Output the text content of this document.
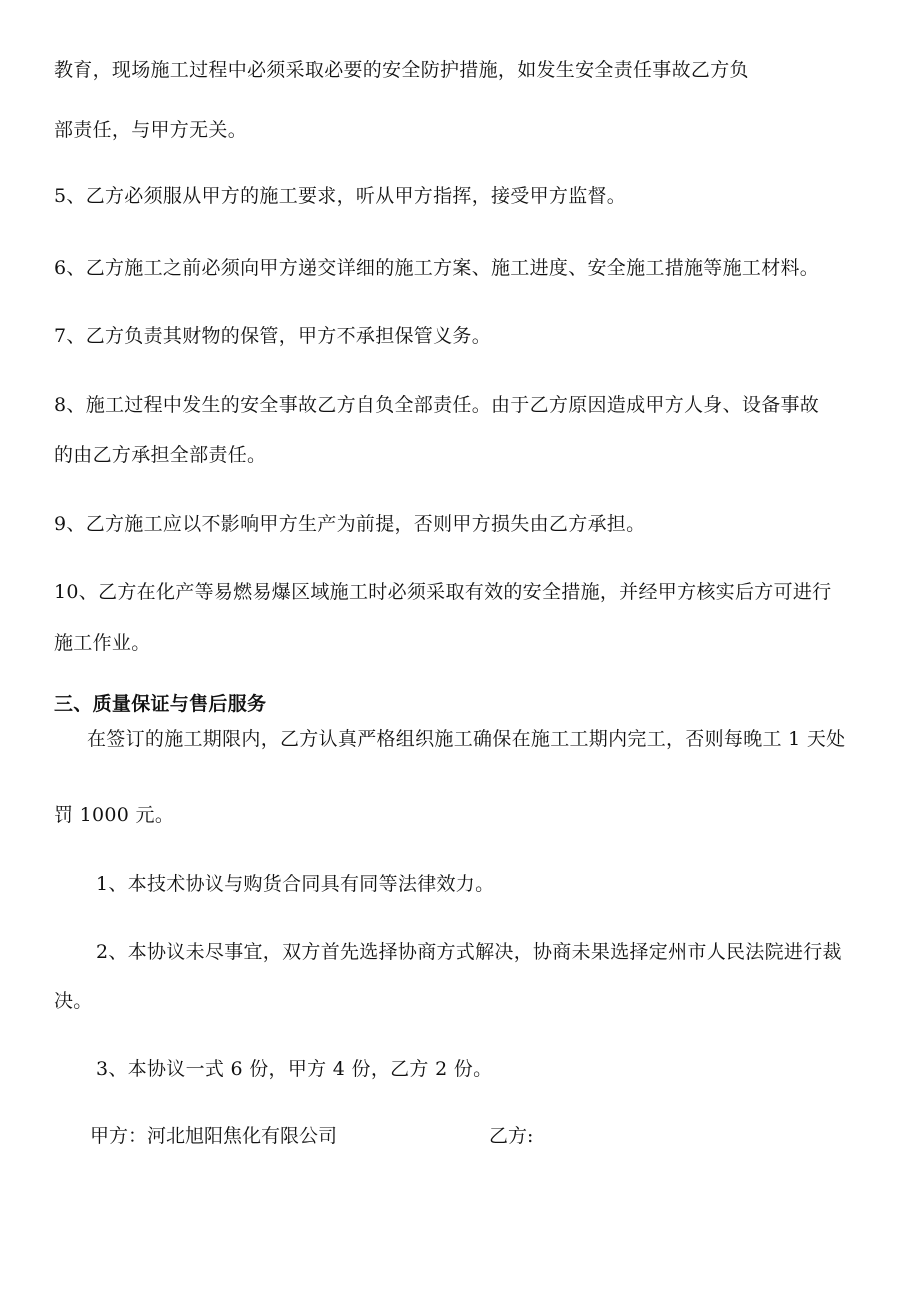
教育，现场施工过程中必须采取必要的安全防护措施，如发生安全责任事故乙方负
部责任，与甲方无关。
5、乙方必须服从甲方的施工要求，听从甲方指挥，接受甲方监督。
6、乙方施工之前必须向甲方递交详细的施工方案、施工进度、安全施工措施等施工材料。
7、乙方负责其财物的保管，甲方不承担保管义务。
8、施工过程中发生的安全事故乙方自负全部责任。由于乙方原因造成甲方人身、设备事故
的由乙方承担全部责任。
9、乙方施工应以不影响甲方生产为前提，否则甲方损失由乙方承担。
10、乙方在化产等易燃易爆区域施工时必须采取有效的安全措施，并经甲方核实后方可进行
施工作业。
三、质量保证与售后服务
在签订的施工期限内，乙方认真严格组织施工确保在施工工期内完工，否则每晚工 1 天处
罚 1000 元。
1、本技术协议与购货合同具有同等法律效力。
2、本协议未尽事宜，双方首先选择协商方式解决，协商未果选择定州市人民法院进行裁
决。
3、本协议一式 6 份，甲方 4 份，乙方 2 份。
甲方：河北旭阳焦化有限公司	乙方:
